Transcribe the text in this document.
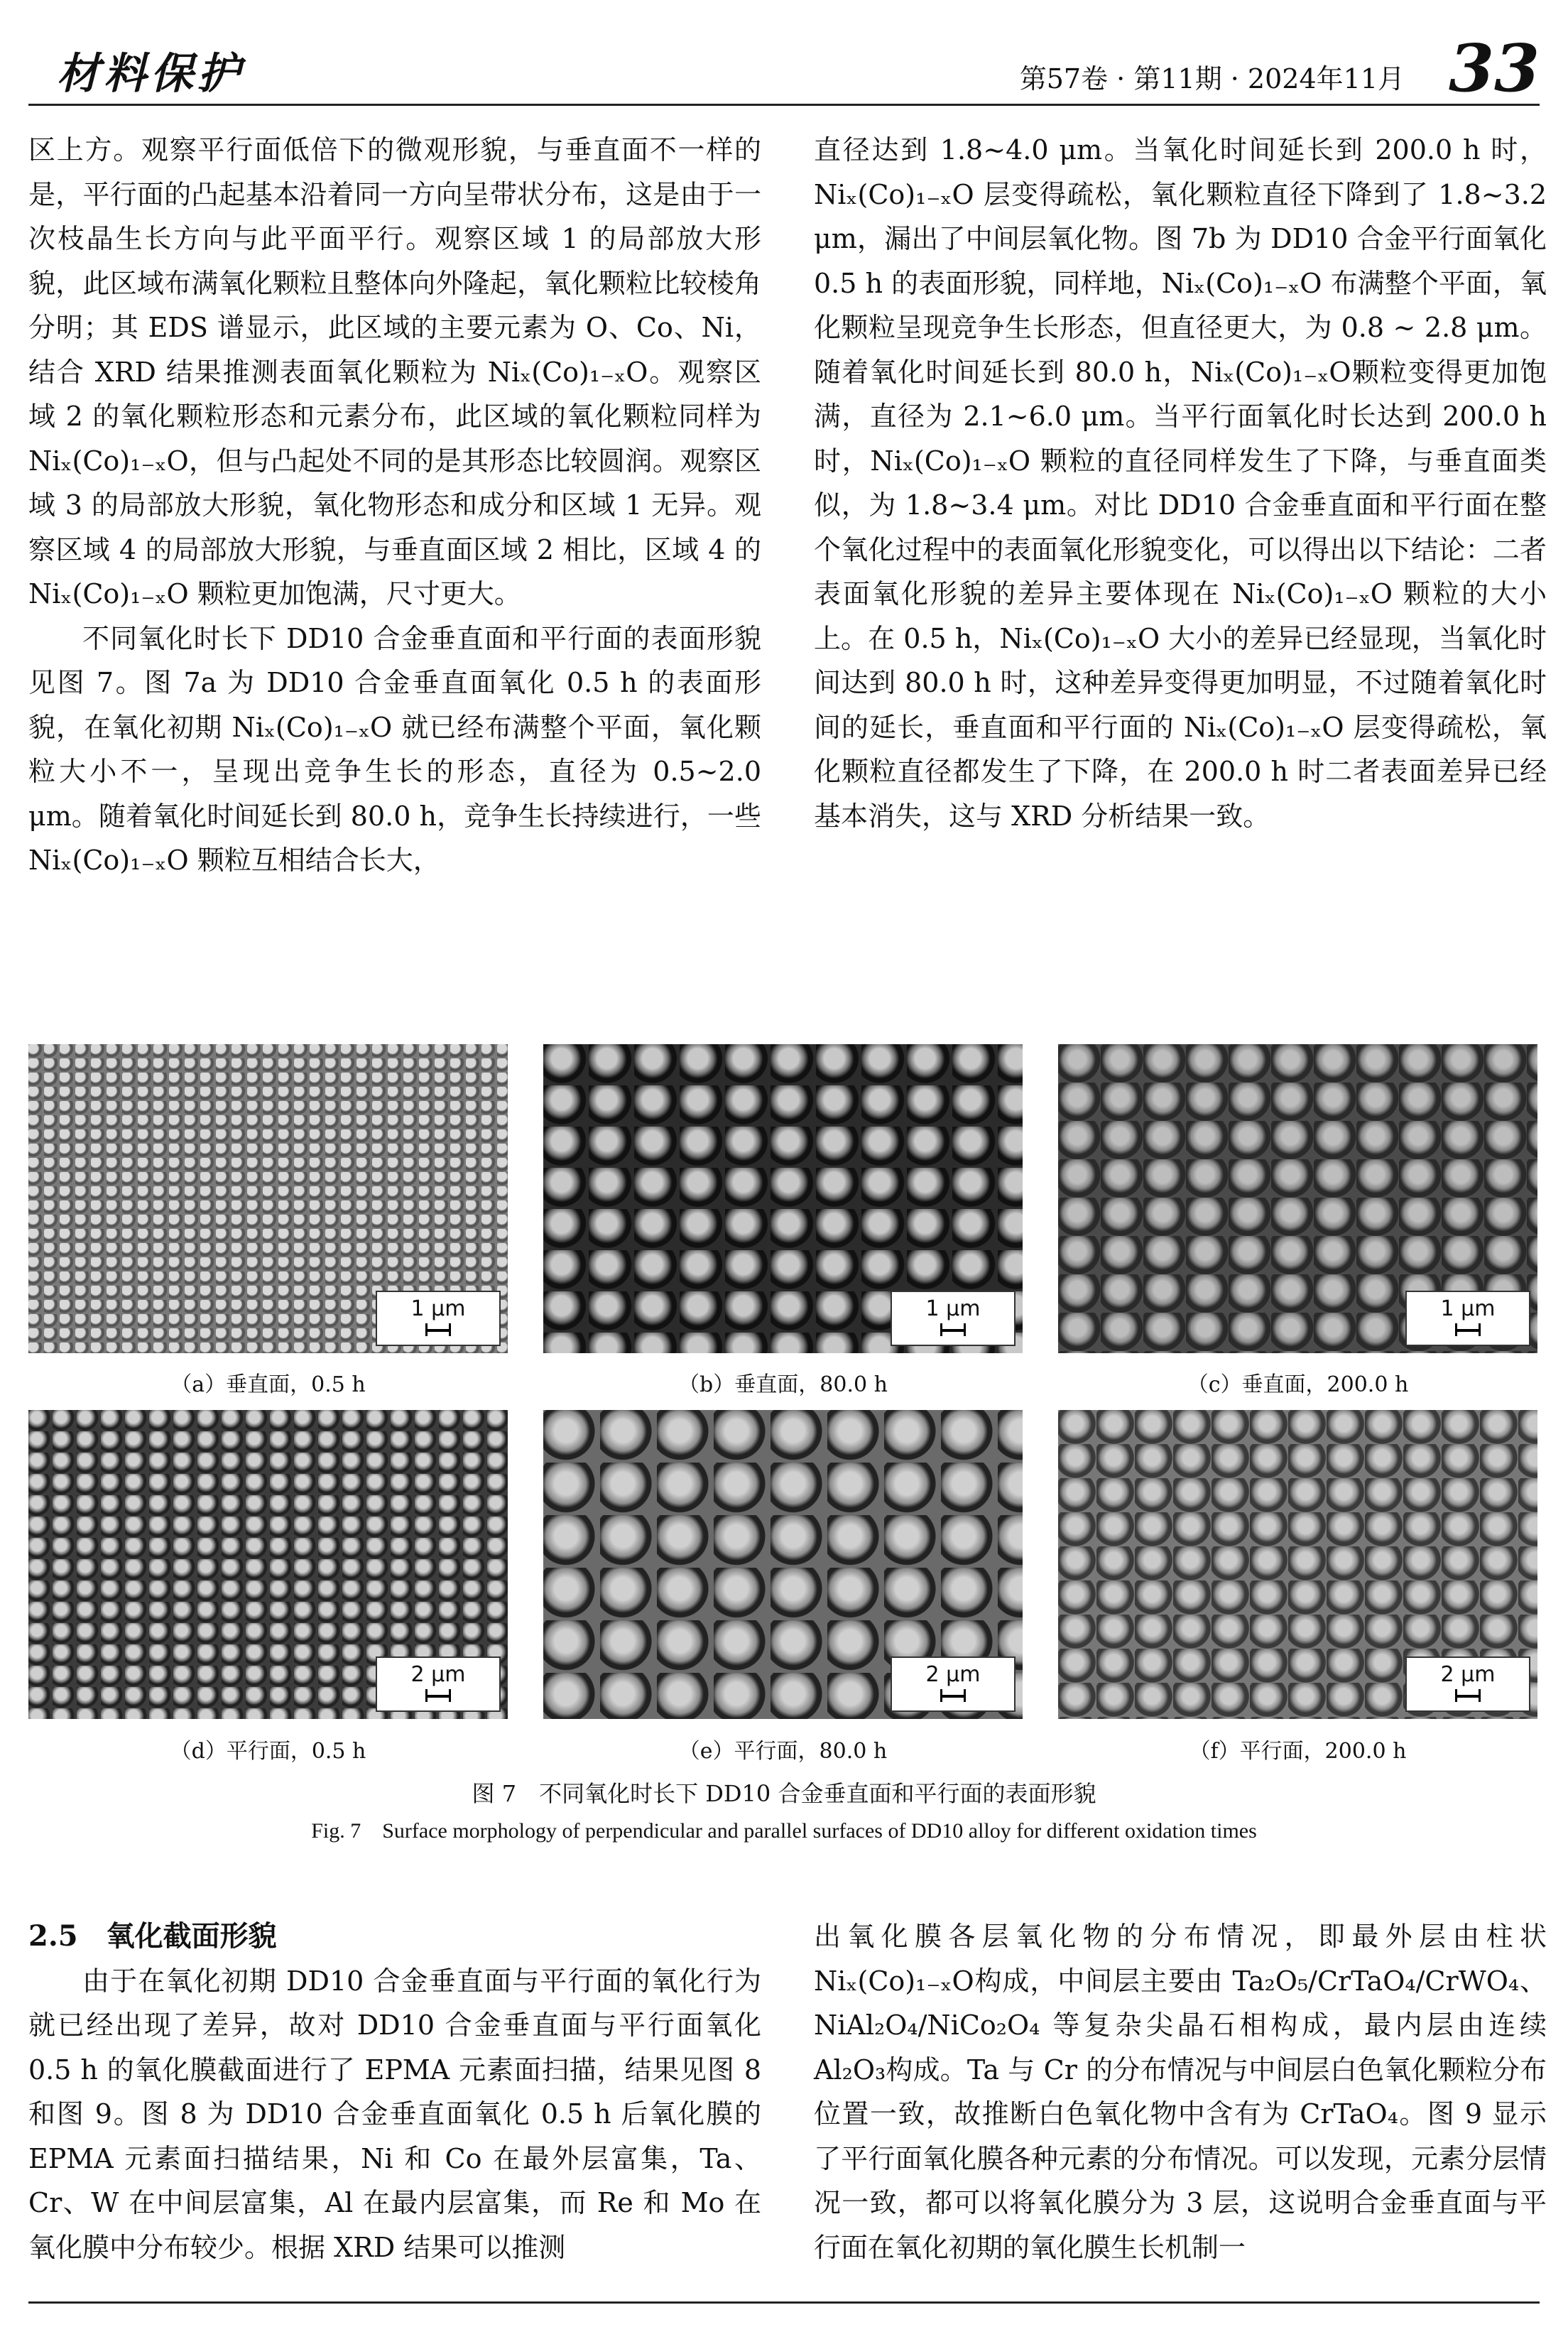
材料保护	第57卷 · 第11期 · 2024年11月 33

区上方。观察平行面低倍下的微观形貌，与垂直面不一样的是，平行面的凸起基本沿着同一方向呈带状分布，这是由于一次枝晶生长方向与此平面平行。观察区域 1 的局部放大形貌，此区域布满氧化颗粒且整体向外隆起，氧化颗粒比较棱角分明；其 EDS 谱显示，此区域的主要元素为 O、Co、Ni，结合 XRD 结果推测表面氧化颗粒为 Niₓ(Co)₁₋ₓO。观察区域 2 的氧化颗粒形态和元素分布，此区域的氧化颗粒同样为 Niₓ(Co)₁₋ₓO，但与凸起处不同的是其形态比较圆润。观察区域 3 的局部放大形貌，氧化物形态和成分和区域 1 无异。观察区域 4 的局部放大形貌，与垂直面区域 2 相比，区域 4 的 Niₓ(Co)₁₋ₓO 颗粒更加饱满，尺寸更大。

不同氧化时长下 DD10 合金垂直面和平行面的表面形貌见图 7。图 7a 为 DD10 合金垂直面氧化 0.5 h 的表面形貌，在氧化初期 Niₓ(Co)₁₋ₓO 就已经布满整个平面，氧化颗粒大小不一，呈现出竞争生长的形态，直径为 0.5~2.0 μm。随着氧化时间延长到 80.0 h，竞争生长持续进行，一些 Niₓ(Co)₁₋ₓO 颗粒互相结合长大，

直径达到 1.8~4.0 μm。当氧化时间延长到 200.0 h 时，Niₓ(Co)₁₋ₓO 层变得疏松，氧化颗粒直径下降到了 1.8~3.2 μm，漏出了中间层氧化物。图 7b 为 DD10 合金平行面氧化 0.5 h 的表面形貌，同样地，Niₓ(Co)₁₋ₓO 布满整个平面，氧化颗粒呈现竞争生长形态，但直径更大，为 0.8 ~ 2.8 μm。随着氧化时间延长到 80.0 h，Niₓ(Co)₁₋ₓO颗粒变得更加饱满，直径为 2.1~6.0 μm。当平行面氧化时长达到 200.0 h 时，Niₓ(Co)₁₋ₓO 颗粒的直径同样发生了下降，与垂直面类似，为 1.8~3.4 μm。对比 DD10 合金垂直面和平行面在整个氧化过程中的表面氧化形貌变化，可以得出以下结论：二者表面氧化形貌的差异主要体现在 Niₓ(Co)₁₋ₓO 颗粒的大小上。在 0.5 h，Niₓ(Co)₁₋ₓO 大小的差异已经显现，当氧化时间达到 80.0 h 时，这种差异变得更加明显，不过随着氧化时间的延长，垂直面和平行面的 Niₓ(Co)₁₋ₓO 层变得疏松，氧化颗粒直径都发生了下降，在 200.0 h 时二者表面差异已经基本消失，这与 XRD 分析结果一致。

1 μm	1 μm	1 μm
（a）垂直面，0.5 h	（b）垂直面，80.0 h	（c）垂直面，200.0 h
2 μm	2 μm	2 μm
（d）平行面，0.5 h	（e）平行面，80.0 h	（f）平行面，200.0 h
图 7　不同氧化时长下 DD10 合金垂直面和平行面的表面形貌
Fig. 7　Surface morphology of perpendicular and parallel surfaces of DD10 alloy for different oxidation times

2.5　 氧化截面形貌

由于在氧化初期 DD10 合金垂直面与平行面的氧化行为就已经出现了差异，故对 DD10 合金垂直面与平行面氧化 0.5 h 的氧化膜截面进行了 EPMA 元素面扫描，结果见图 8 和图 9。图 8 为 DD10 合金垂直面氧化 0.5 h 后氧化膜的 EPMA 元素面扫描结果，Ni 和 Co 在最外层富集，Ta、Cr、W 在中间层富集，Al 在最内层富集，而 Re 和 Mo 在氧化膜中分布较少。根据 XRD 结果可以推测

出氧化膜各层氧化物的分布情况，即最外层由柱状 Niₓ(Co)₁₋ₓO构成，中间层主要由 Ta₂O₅/CrTaO₄/CrWO₄、NiAl₂O₄/NiCo₂O₄ 等复杂尖晶石相构成，最内层由连续 Al₂O₃构成。Ta 与 Cr 的分布情况与中间层白色氧化颗粒分布位置一致，故推断白色氧化物中含有为 CrTaO₄。图 9 显示了平行面氧化膜各种元素的分布情况。可以发现，元素分层情况一致，都可以将氧化膜分为 3 层，这说明合金垂直面与平行面在氧化初期的氧化膜生长机制一
